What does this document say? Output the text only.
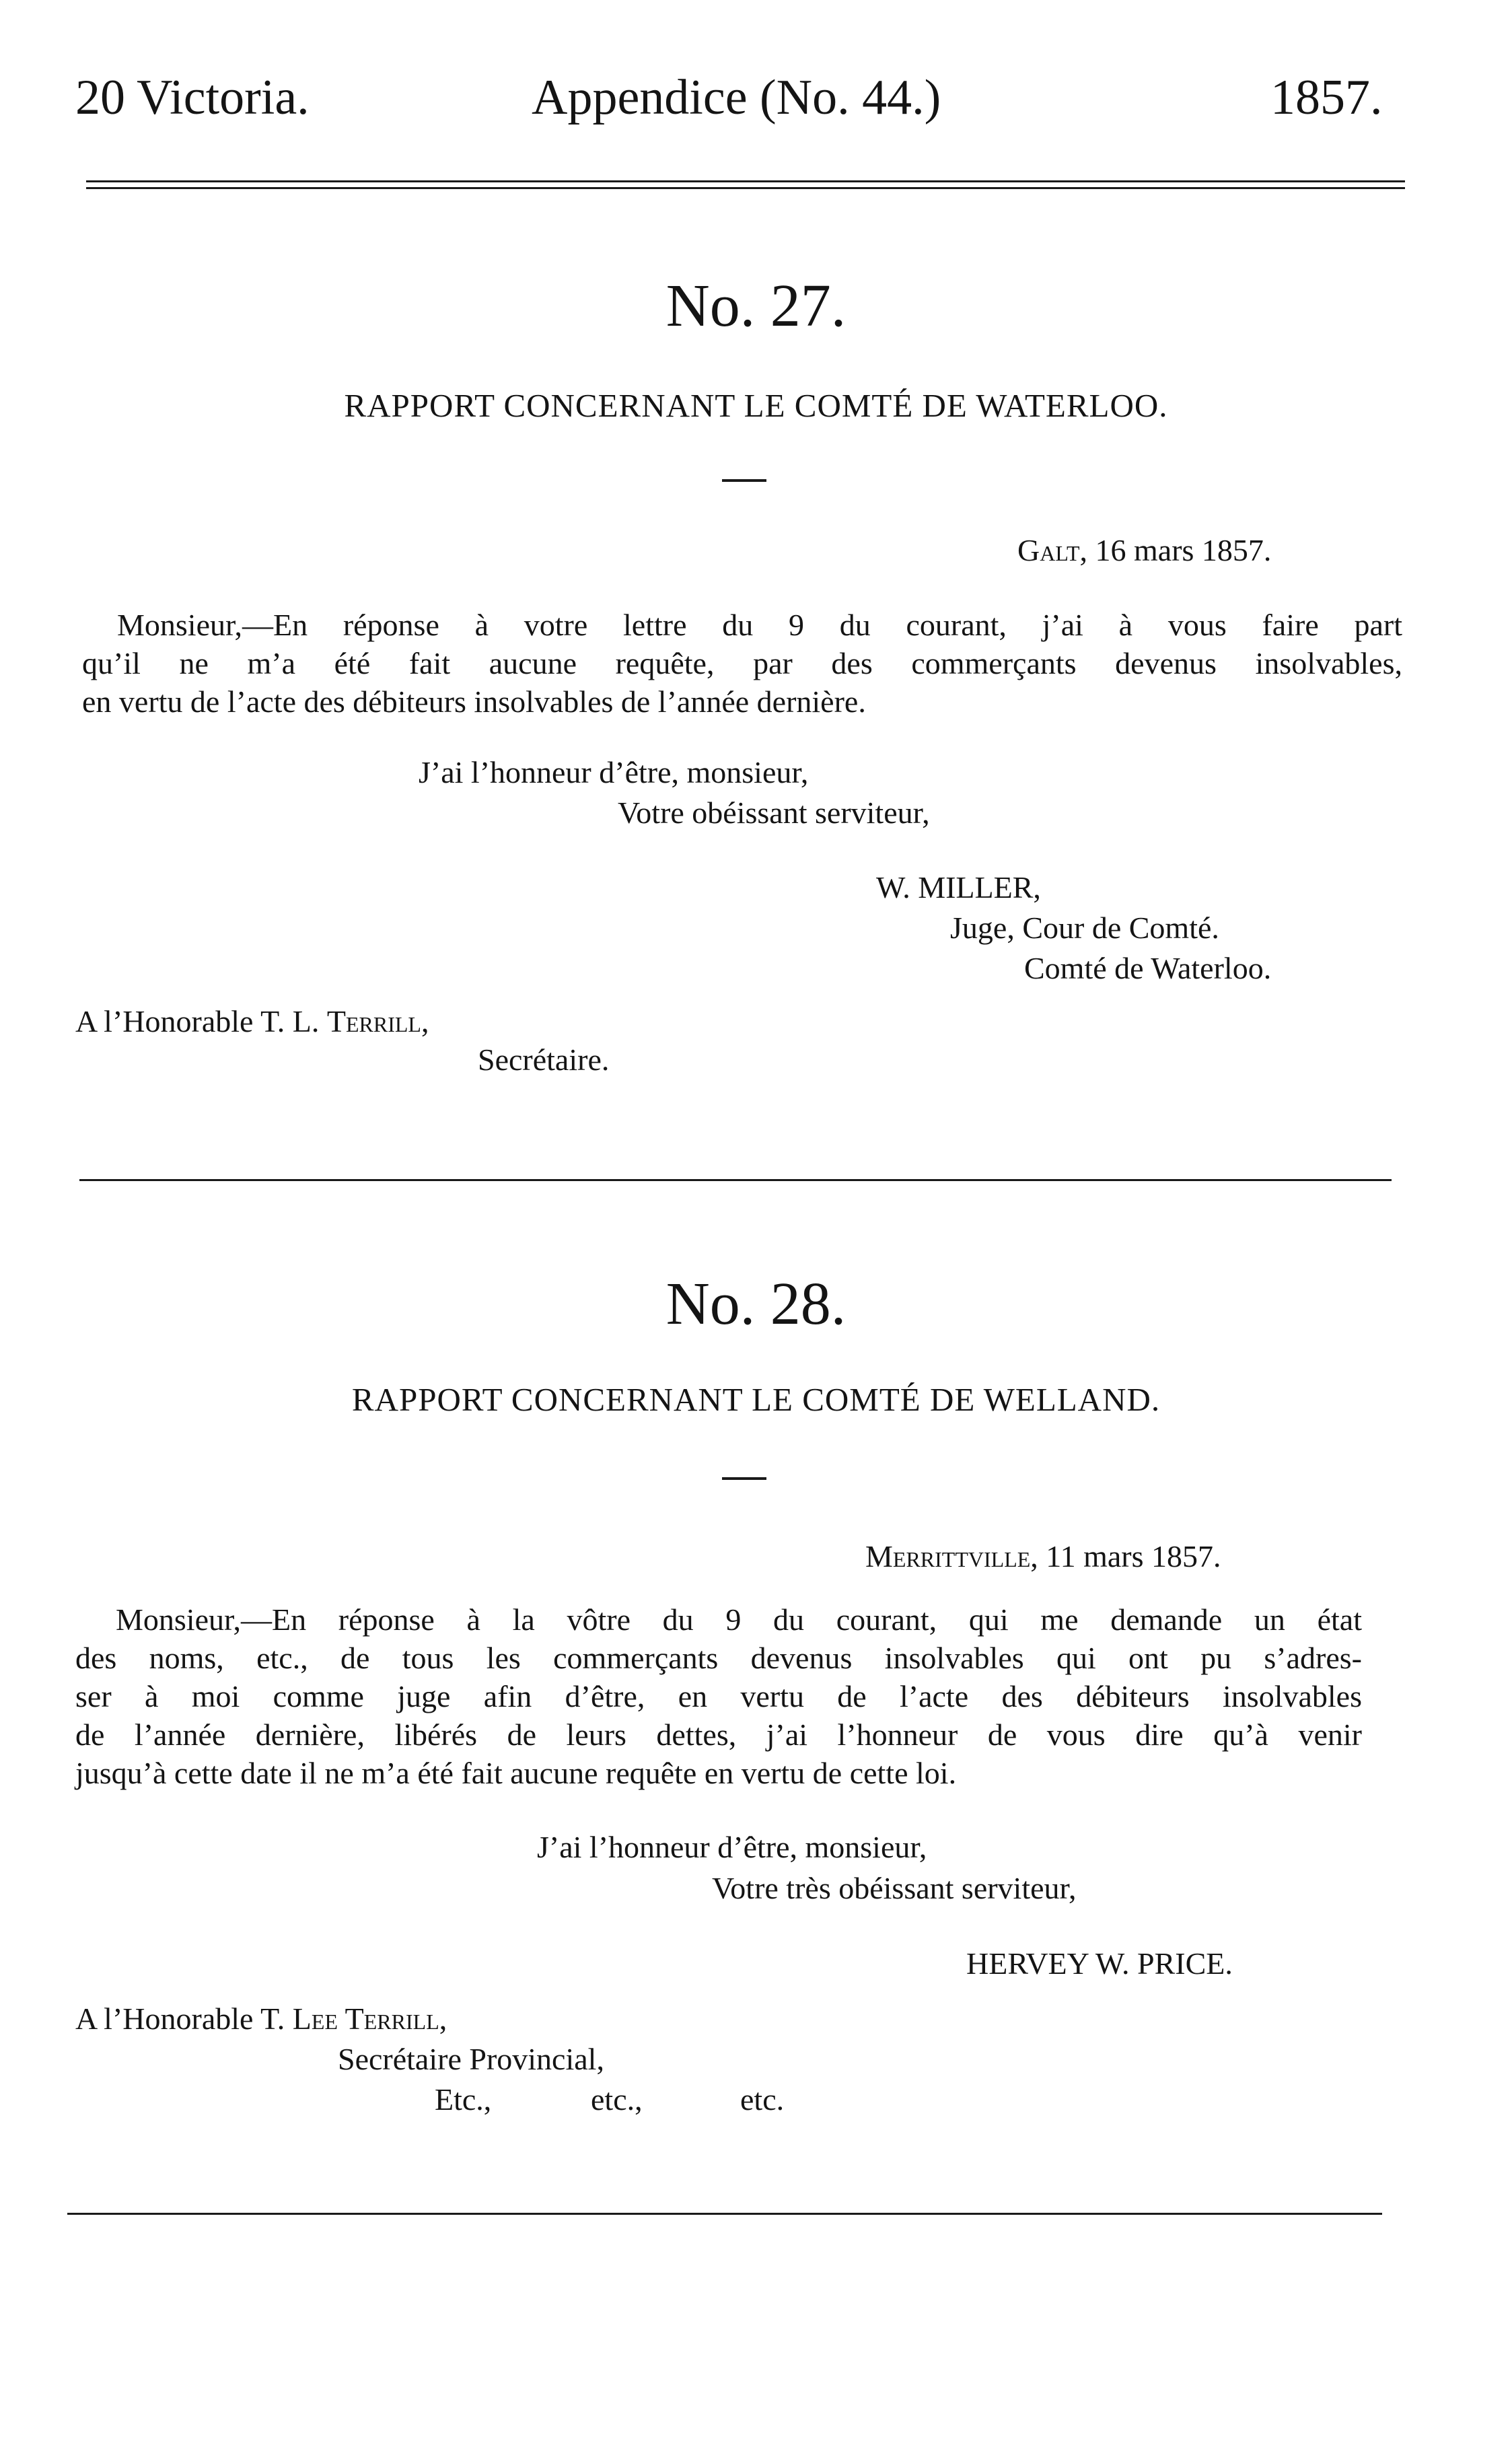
20 Victoria.	Appendice (No. 44.)	1857.
No. 27.
RAPPORT CONCERNANT LE COMTÉ DE WATERLOO.
Galt, 16 mars 1857.
Monsieur,—En réponse à votre lettre du 9 du courant, j’ai à vous faire part
qu’il ne m’a été fait aucune requête, par des commerçants devenus insolvables,
en vertu de l’acte des débiteurs insolvables de l’année dernière.
J’ai l’honneur d’être, monsieur,
Votre obéissant serviteur,
W. MILLER,
Juge, Cour de Comté.
Comté de Waterloo.
A l’Honorable T. L. Terrill,
Secrétaire.
No. 28.
RAPPORT CONCERNANT LE COMTÉ DE WELLAND.
Merrittville, 11 mars 1857.
Monsieur,—En réponse à la vôtre du 9 du courant, qui me demande un état
des noms, etc., de tous les commerçants devenus insolvables qui ont pu s’adres-
ser à moi comme juge afin d’être, en vertu de l’acte des débiteurs insolvables
de l’année dernière, libérés de leurs dettes, j’ai l’honneur de vous dire qu’à venir
jusqu’à cette date il ne m’a été fait aucune requête en vertu de cette loi.
J’ai l’honneur d’être, monsieur,
Votre très obéissant serviteur,
HERVEY W. PRICE.
A l’Honorable T. Lee Terrill,
Secrétaire Provincial,
Etc.,	etc.,	etc.
